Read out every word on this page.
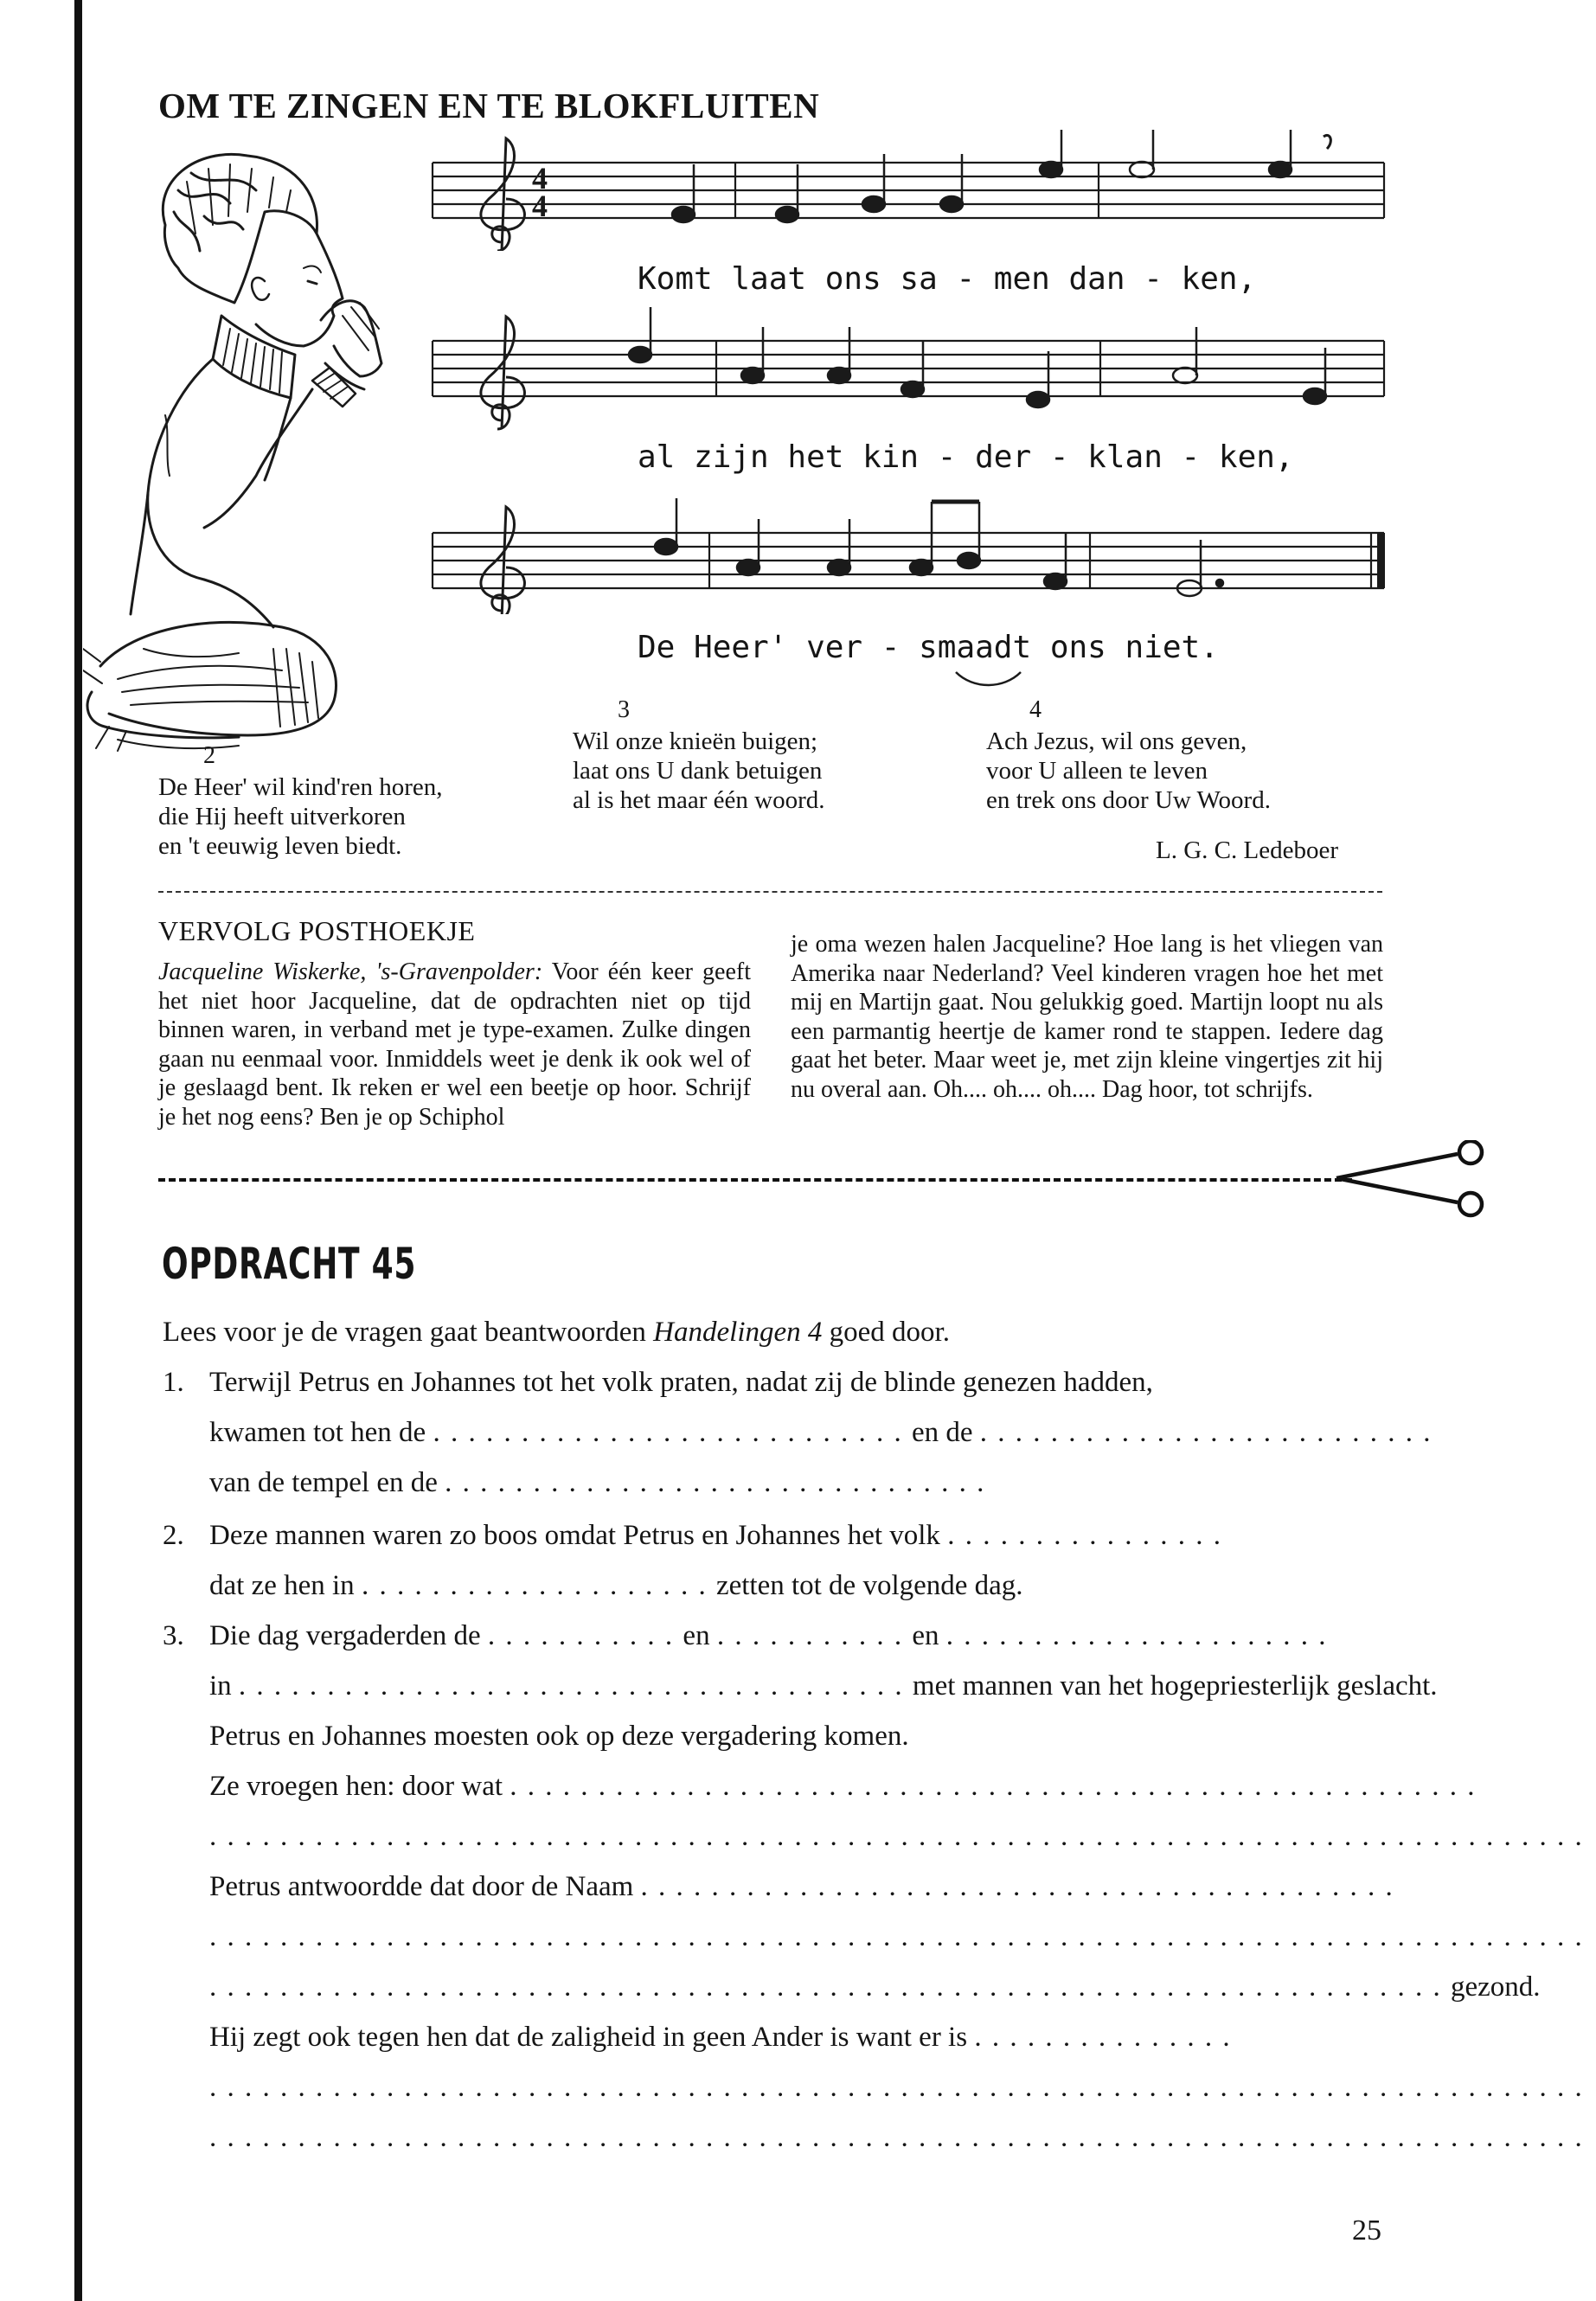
OM TE ZINGEN EN TE BLOKFLUITEN
4
4
Komt laat ons sa - men dan - ken,
al zijn het kin - der - klan - ken,
De Heer' ver - smaadt ons niet.
2
De Heer' wil kind'ren horen,
die Hij heeft uitverkoren
en 't eeuwig leven biedt.
3
Wil onze knieën buigen;
laat ons U dank betuigen
al is het maar één woord.
4
Ach Jezus, wil ons geven,
voor U alleen te leven
en trek ons door Uw Woord.
L. G. C. Ledeboer
VERVOLG POSTHOEKJE

Jacqueline Wiskerke, 's-Gravenpolder: Voor één keer geeft het niet hoor Jacqueline, dat de opdrachten niet op tijd binnen waren, in verband met je type-examen. Zulke dingen gaan nu eenmaal voor. Inmiddels weet je denk ik ook wel of je geslaagd bent. Ik reken er wel een beetje op hoor. Schrijf je het nog eens? Ben je op Schiphol

je oma wezen halen Jacqueline? Hoe lang is het vliegen van Amerika naar Nederland? Veel kinderen vragen hoe het met mij en Martijn gaat. Nou gelukkig goed. Martijn loopt nu als een parmantig heertje de kamer rond te stappen. Iedere dag gaat het beter. Maar weet je, met zijn kleine vingertjes zit hij nu overal aan. Oh.... oh.... oh.... Dag hoor, tot schrijfs.

OPDRACHT 45
Lees voor je de vragen gaat beantwoorden Handelingen 4 goed door.
1. Terwijl Petrus en Johannes tot het volk praten, nadat zij de blinde genezen hadden,
kwamen tot hen de . . . . . . . . . . . . . . . . . . . . . . . . . . . en de . . . . . . . . . . . . . . . . . . . . . . . . . .
van de tempel en de . . . . . . . . . . . . . . . . . . . . . . . . . . . . . . .
2. Deze mannen waren zo boos omdat Petrus en Johannes het volk . . . . . . . . . . . . . . . .
dat ze hen in . . . . . . . . . . . . . . . . . . . . zetten tot de volgende dag.
3. Die dag vergaderden de . . . . . . . . . . . en . . . . . . . . . . . en . . . . . . . . . . . . . . . . . . . . . .
in . . . . . . . . . . . . . . . . . . . . . . . . . . . . . . . . . . . . . . met mannen van het hogepriesterlijk geslacht.
Petrus en Johannes moesten ook op deze vergadering komen.
Ze vroegen hen: door wat . . . . . . . . . . . . . . . . . . . . . . . . . . . . . . . . . . . . . . . . . . . . . . . . . . . . . . .
. . . . . . . . . . . . . . . . . . . . . . . . . . . . . . . . . . . . . . . . . . . . . . . . . . . . . . . . . . . . . . . . . . . . . . . . . . . . . .
Petrus antwoordde dat door de Naam . . . . . . . . . . . . . . . . . . . . . . . . . . . . . . . . . . . . . . . . . . .
. . . . . . . . . . . . . . . . . . . . . . . . . . . . . . . . . . . . . . . . . . . . . . . . . . . . . . . . . . . . . . . . . . . . . . . . . . . . . .
. . . . . . . . . . . . . . . . . . . . . . . . . . . . . . . . . . . . . . . . . . . . . . . . . . . . . . . . . . . . . . . . . . . . . . gezond.
Hij zegt ook tegen hen dat de zaligheid in geen Ander is want er is . . . . . . . . . . . . . . .
. . . . . . . . . . . . . . . . . . . . . . . . . . . . . . . . . . . . . . . . . . . . . . . . . . . . . . . . . . . . . . . . . . . . . . . . . . . . . .
. . . . . . . . . . . . . . . . . . . . . . . . . . . . . . . . . . . . . . . . . . . . . . . . . . . . . . . . . . . . . . . . . . . . . . . . . . . . . .
25
